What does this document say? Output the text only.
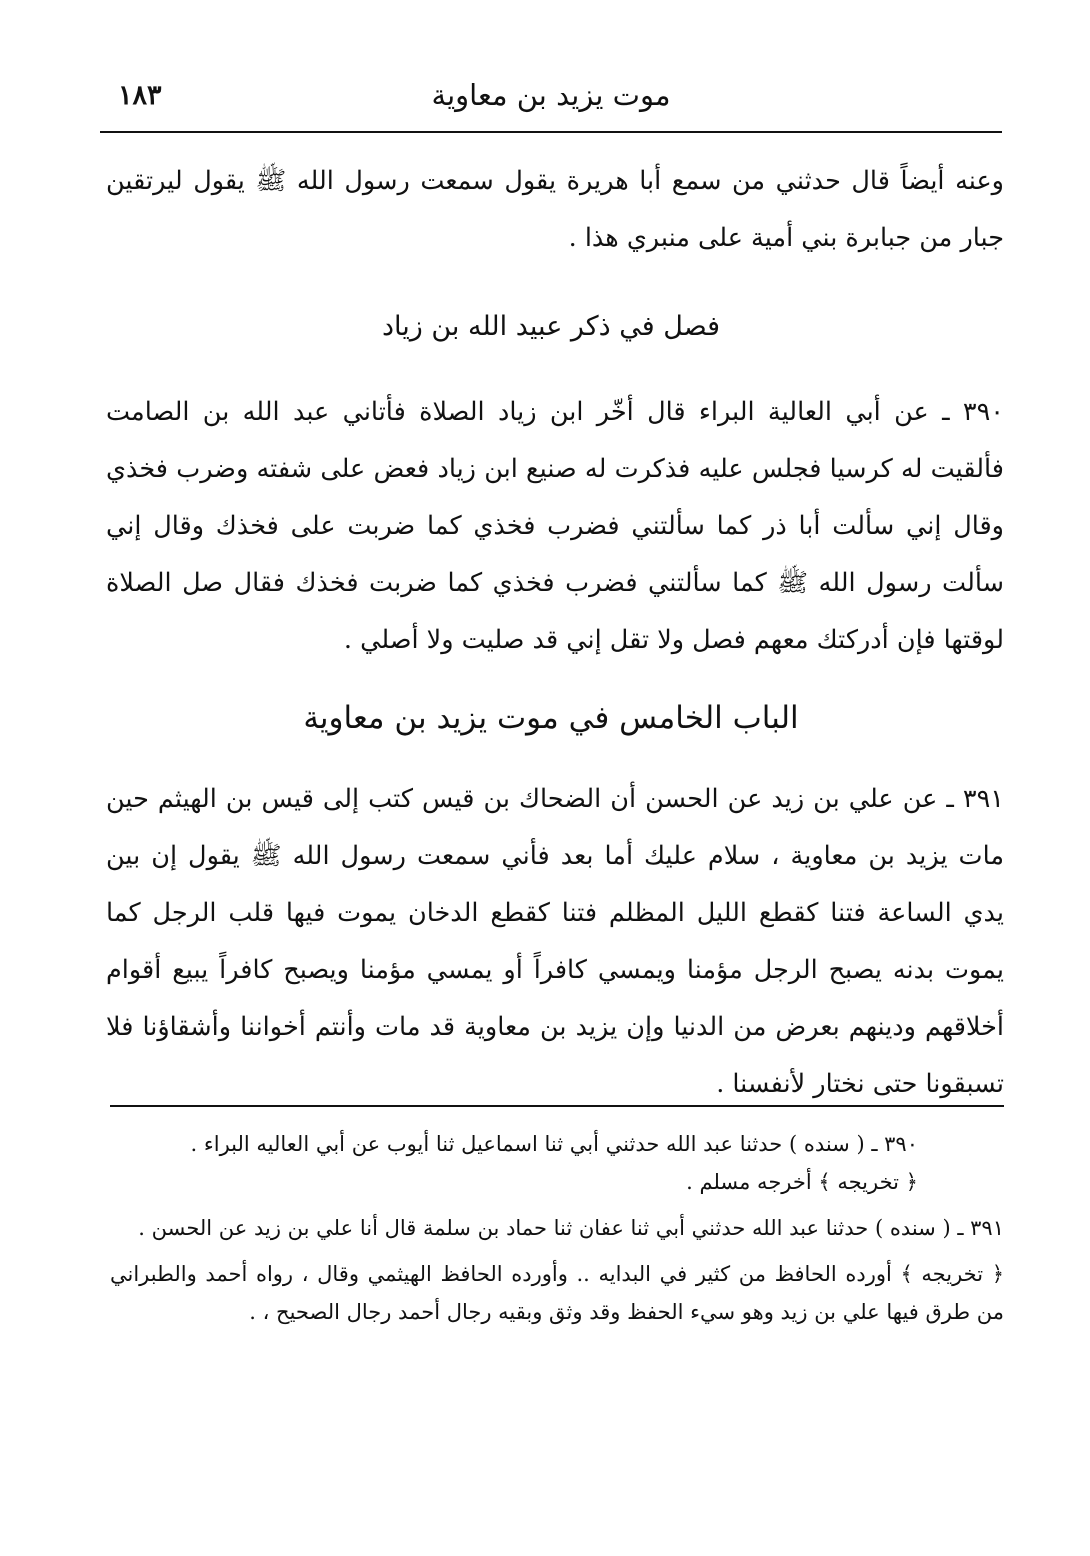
١٨٣	موت يزيد بن معاوية
وعنه أيضاً قال حدثني من سمع أبا هريرة يقول سمعت رسول الله ﷺ يقول ليرتقين جبار من جبابرة بني أمية على منبري هذا .
فصل في ذكر عبيد الله بن زياد
٣٩٠ ـ عن أبي العالية البراء قال أخّر ابن زياد الصلاة فأتاني عبد الله بن الصامت فألقيت له كرسيا فجلس عليه فذكرت له صنيع ابن زياد فعض على شفته وضرب فخذي وقال إني سألت أبا ذر كما سألتني فضرب فخذي كما ضربت على فخذك وقال إني سألت رسول الله ﷺ كما سألتني فضرب فخذي كما ضربت فخذك فقال صل الصلاة لوقتها فإن أدركتك معهم فصل ولا تقل إني قد صليت ولا أصلي .
الباب الخامس في موت يزيد بن معاوية
٣٩١ ـ عن علي بن زيد عن الحسن أن الضحاك بن قيس كتب إلى قيس بن الهيثم حين مات يزيد بن معاوية ، سلام عليك أما بعد فأني سمعت رسول الله ﷺ يقول إن بين يدي الساعة فتنا كقطع الليل المظلم فتنا كقطع الدخان يموت فيها قلب الرجل كما يموت بدنه يصبح الرجل مؤمنا ويمسي كافراً أو يمسي مؤمنا ويصبح كافراً يبيع أقوام أخلاقهم ودينهم بعرض من الدنيا وإن يزيد بن معاوية قد مات وأنتم أخواننا وأشقاؤنا فلا تسبقونا حتى نختار لأنفسنا .
٣٩٠ ـ ( سنده ) حدثنا عبد الله حدثني أبي ثنا اسماعيل ثنا أيوب عن أبي العاليه البراء .
﴿ تخريجه ﴾ أخرجه مسلم .
٣٩١ ـ ( سنده ) حدثنا عبد الله حدثني أبي ثنا عفان ثنا حماد بن سلمة قال أنا علي بن زيد عن الحسن .
﴿ تخريجه ﴾ أورده الحافظ من كثير في البدايه .. وأورده الحافظ الهيثمي وقال ، رواه أحمد والطبراني من طرق فيها علي بن زيد وهو سيء الحفظ وقد وثق وبقيه رجال أحمد رجال الصحيح ، .
